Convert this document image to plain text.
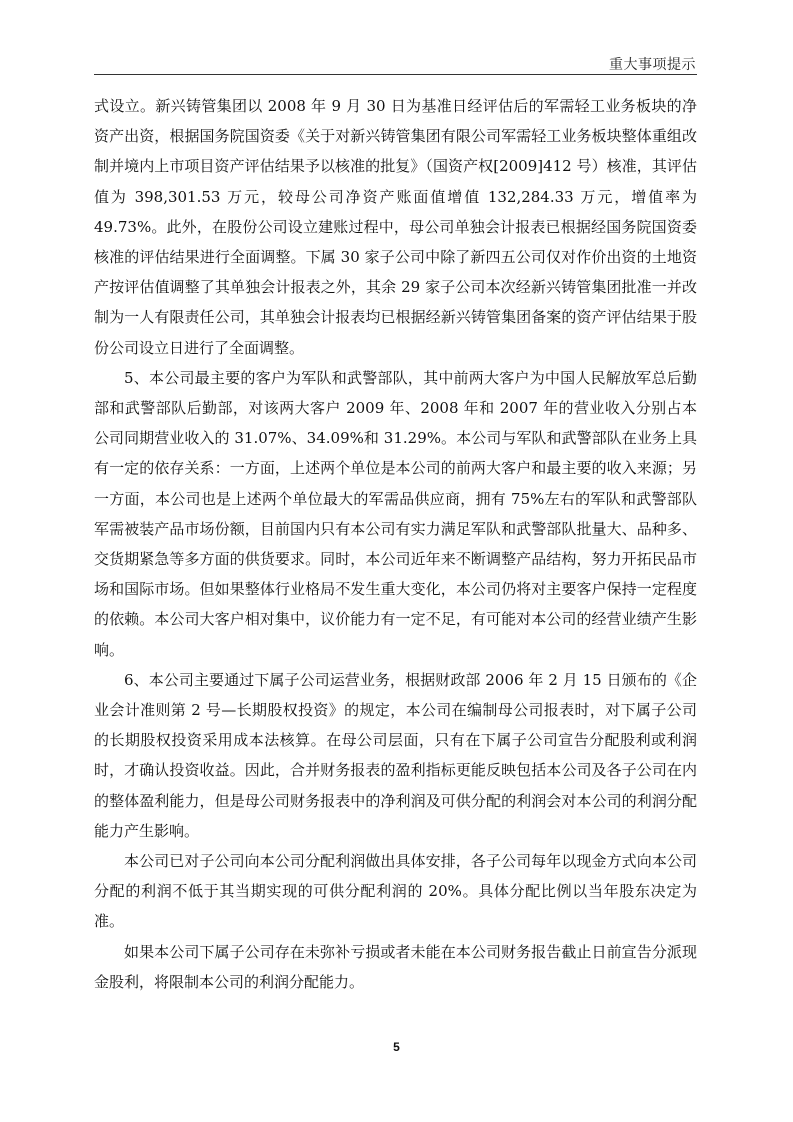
重大事项提示

式设立。新兴铸管集团以 2008 年 9 月 30 日为基准日经评估后的军需轻工业务板块的净资产出资，根据国务院国资委《关于对新兴铸管集团有限公司军需轻工业务板块整体重组改制并境内上市项目资产评估结果予以核准的批复》（国资产权[2009]412 号）核准，其评估值为 398,301.53 万元，较母公司净资产账面值增值 132,284.33 万元，增值率为 49.73%。此外，在股份公司设立建账过程中，母公司单独会计报表已根据经国务院国资委核准的评估结果进行全面调整。下属 30 家子公司中除了新四五公司仅对作价出资的土地资产按评估值调整了其单独会计报表之外，其余 29 家子公司本次经新兴铸管集团批准一并改制为一人有限责任公司，其单独会计报表均已根据经新兴铸管集团备案的资产评估结果于股份公司设立日进行了全面调整。

5、本公司最主要的客户为军队和武警部队，其中前两大客户为中国人民解放军总后勤部和武警部队后勤部，对该两大客户 2009 年、2008 年和 2007 年的营业收入分别占本公司同期营业收入的 31.07%、34.09%和 31.29%。本公司与军队和武警部队在业务上具有一定的依存关系：一方面，上述两个单位是本公司的前两大客户和最主要的收入来源；另一方面，本公司也是上述两个单位最大的军需品供应商，拥有 75%左右的军队和武警部队军需被装产品市场份额，目前国内只有本公司有实力满足军队和武警部队批量大、品种多、交货期紧急等多方面的供货要求。同时，本公司近年来不断调整产品结构，努力开拓民品市场和国际市场。但如果整体行业格局不发生重大变化，本公司仍将对主要客户保持一定程度的依赖。本公司大客户相对集中，议价能力有一定不足，有可能对本公司的经营业绩产生影响。

6、本公司主要通过下属子公司运营业务，根据财政部 2006 年 2 月 15 日颁布的《企业会计准则第 2 号—长期股权投资》的规定，本公司在编制母公司报表时，对下属子公司的长期股权投资采用成本法核算。在母公司层面，只有在下属子公司宣告分配股利或利润时，才确认投资收益。因此，合并财务报表的盈利指标更能反映包括本公司及各子公司在内的整体盈利能力，但是母公司财务报表中的净利润及可供分配的利润会对本公司的利润分配能力产生影响。

本公司已对子公司向本公司分配利润做出具体安排，各子公司每年以现金方式向本公司分配的利润不低于其当期实现的可供分配利润的 20%。具体分配比例以当年股东决定为准。

如果本公司下属子公司存在未弥补亏损或者未能在本公司财务报告截止日前宣告分派现金股利，将限制本公司的利润分配能力。

5
